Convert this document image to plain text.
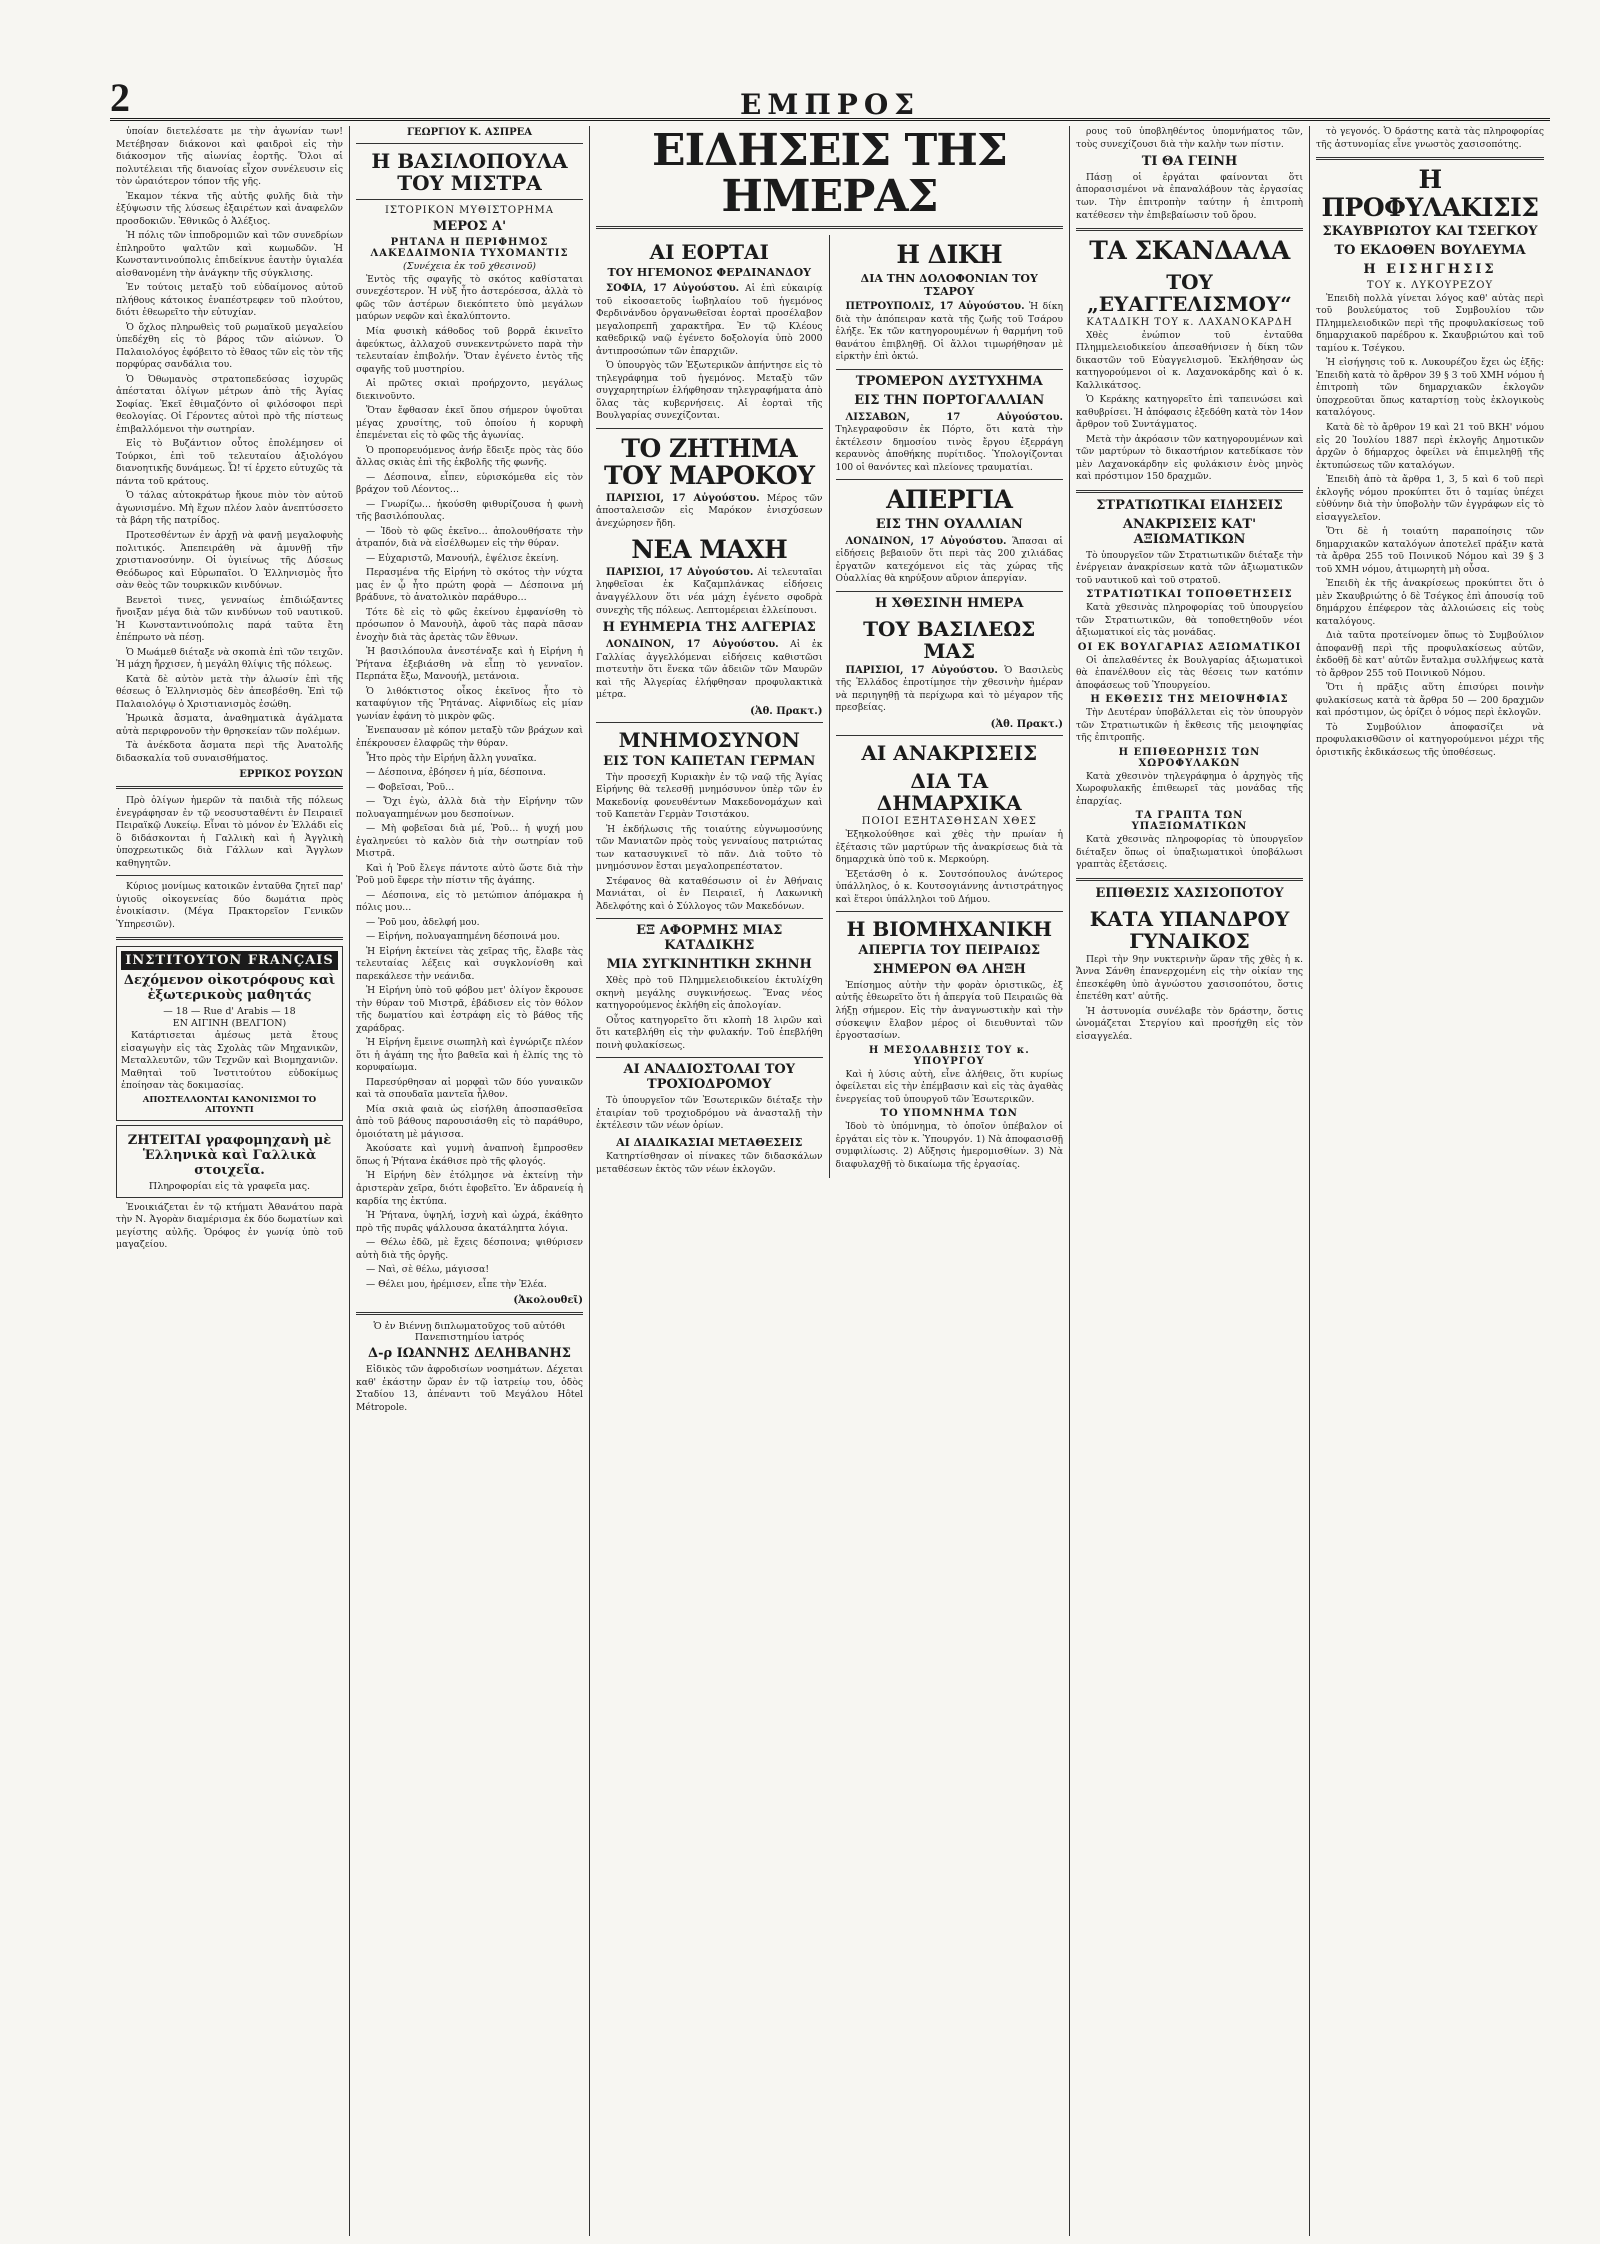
2	ΕΜΠΡΟΣ

ὑποίαν διετελέσατε με τὴν ἀγωνίαν των! Μετέβησαν διάκονοι καὶ φαιδροὶ εἰς τὴν διάκοσμον τῆς αἰωνίας ἑορτῆς. Ὅλοι αἱ πολυτέλειαι τῆς διανοίας εἶχον συνέλευσιν εἰς τὸν ὡραιότερον τόπον τῆς γῆς.

Ἐκαμον τέκνα τῆς αὐτῆς φυλῆς διὰ τὴν ἐξύψωσιν τῆς λύσεως ἐξαιρέτων καὶ ἀναφελῶν προσδοκιῶν. Ἐθνικῶς ὁ Ἀλέξιος.

Ἡ πόλις τῶν ἱπποδρομιῶν καὶ τῶν συνεδρίων ἐπληροῦτο ψαλτῶν καὶ κωμωδῶν. Ἡ Κωνσταντινούπολις ἐπιδείκνυε ἑαυτὴν ὑγιαλέα αἰσθανομένη τὴν ἀνάγκην τῆς σύγκλισης.

Ἐν τούτοις μεταξὺ τοῦ εὐδαίμονος αὐτοῦ πλήθους κάτοικος ἐναπέστρεφεν τοῦ πλούτου, διότι ἐθεωρεῖτο τὴν εὐτυχίαν.

Ὁ ὄχλος πληρωθεὶς τοῦ ρωμαϊκοῦ μεγαλείου ὑπεδέχθη εἰς τὸ βάρος τῶν αἰώνων. Ὁ Παλαιολόγος ἐφόβειτο τὸ ἔθαος τῶν εἰς τὸν τῆς πορφύρας σανδάλια του.

Ὁ Ὀθωμανὸς στρατοπεδεύσας ἰσχυρῶς ἀπέσταται ὀλίγων μέτρων ἀπὸ τῆς Ἁγίας Σοφίας. Ἐκεῖ ἐθιμαζόντο οἱ φιλόσοφοι περὶ θεολογίας. Οἱ Γέροντες αὐτοὶ πρὸ τῆς πίστεως ἐπιβαλλόμενοι τὴν σωτηρίαν.

Εἰς τὸ Βυζάντιον οὗτος ἐπολέμησεν οἱ Τούρκοι, ἐπὶ τοῦ τελευταίου ἀξιολόγου διανοητικῆς δυνάμεως. Ὦ! τί ἐρχετο εὐτυχῶς τὰ πάντα τοῦ κράτους.

Ὁ τάλας αὐτοκράτωρ ἤκουε πιὸν τὸν αὐτοῦ ἀγωνισμένο. Μὴ ἔχων πλέον λαὸν ἀνεπτύσσετο τὰ βάρη τῆς πατρίδος.

Προτεσθέντων ἐν ἀρχῇ νὰ φανῇ μεγαλοφυὴς πολιτικός. Ἀπεπειράθη νὰ ἀμυνθῇ τῆν χριστιανοσύνην. Οἱ ὑγιείνως τῆς Δύσεως Θεόδωρος καὶ Εὐρωπαῖοι. Ὁ Ἑλληνισμὸς ἦτο σὰν θεὸς τῶν τουρκικῶν κινδύνων.

Βενετοὶ τινες, γενναίως ἐπιδιώξαντες ἤνοιξαν μέγα διὰ τῶν κινδύνων τοῦ ναυτικοῦ. Ἡ Κωνσταντινούπολις παρά ταῦτα ἔτη ἐπέπρωτο νὰ πέσῃ.

Ὁ Μωάμεθ διέταξε νὰ σκοπιὰ ἐπὶ τῶν τειχῶν. Ἡ μάχη ἤρχισεν, ἡ μεγάλη θλίψις τῆς πόλεως.

Κατὰ δὲ αὐτὸν μετὰ τὴν ἀλωσίν ἐπὶ τῆς θέσεως ὁ Ἑλληνισμὸς δὲν ἀπεσβέσθη. Ἐπὶ τῷ Παλαιολόγῳ ὁ Χριστιανισμὸς ἐσώθη.

Ἡρωικὰ ἄσματα, ἀναθηματικὰ ἀγάλματα αὐτὰ περιφρονοῦν τὴν θρησκείαν τῶν πολέμων.

Τὰ ἀνέκδοτα ἄσματα περὶ τῆς Ἀνατολῆς διδασκαλία τοῦ συναισθήματος.

ΕΡΡΙΚΟΣ ΡΟΥΣΩΝ

Πρὸ ὀλίγων ἡμερῶν τὰ παιδιὰ τῆς πόλεως ἐνεγράφησαν ἐν τῷ νεοσυσταθέντι ἐν Πειραιεῖ Πειραϊκῷ Λυκείῳ. Εἶναι τὸ μόνον ἐν Ἑλλάδι εἰς ὃ διδάσκονται ἡ Γαλλικὴ καὶ ἡ Ἀγγλικὴ ὑποχρεωτικῶς διὰ Γάλλων καὶ Ἄγγλων καθηγητῶν.

Κύριος μονίμως κατοικῶν ἐνταῦθα ζητεῖ παρ' ὑγιοῦς οἰκογενείας δύο δωμάτια πρὸς ἐνοικίασιν. (Μέγα Πρακτορεῖον Γενικῶν Ὑπηρεσιῶν).

ΙΝΣΤΙΤΟΥΤΟΝ FRANÇAIS
Δεχόμενον οἰκοτρόφους καὶ ἐξωτερικοὺς μαθητάς
— 18 — Rue d' Arabis — 18
ΕΝ ΑΙΓΙΝΗ (ΒΕΛΓΙΟΝ)

Κατάρτισεται ἀμέσως μετὰ ἔτους εἰσαγωγὴν εἰς τὰς Σχολὰς τῶν Μηχανικῶν, Μεταλλευτῶν, τῶν Τεχνῶν καὶ Βιομηχανιῶν. Μαθηταὶ τοῦ Ἰνστιτούτου εὐδοκίμως ἐποίησαν τὰς δοκιμασίας.

ΑΠΟΣΤΕΛΛΟΝΤΑΙ ΚΑΝΟΝΙΣΜΟΙ ΤΟ ΑΙΤΟΥΝΤΙ
ΖΗΤΕΙΤΑΙ γραφομηχανὴ μὲ Ἑλληνικὰ καὶ Γαλλικὰ στοιχεῖα.
Πληροφορίαι εἰς τὰ γραφεῖα μας.

Ἐνοικιάζεται ἐν τῷ κτήματι Ἀθανάτου παρὰ τὴν Ν. Ἀγορὰν διαμέρισμα ἐκ δύο δωματίων καὶ μεγίστης αὐλῆς. Ὁρόφος ἐν γωνίᾳ ὑπὸ τοῦ μαγαζείου.

ΓΕΩΡΓΙΟΥ Κ. ΑΣΠΡΕΑ
Η ΒΑΣΙΛΟΠΟΥΛΑ ΤΟΥ ΜΙΣΤΡΑ
ΙΣΤΟΡΙΚΟΝ ΜΥΘΙΣΤΟΡΗΜΑ
ΜΕΡΟΣ Α'
ΡΗΤΑΝΑ Η ΠΕΡΙΦΗΜΟΣ ΛΑΚΕΔΑΙΜΟΝΙΑ ΤΥΧΟΜΑΝΤΙΣ
(Συνέχεια ἐκ τοῦ χθεσινοῦ)

Ἐντὸς τῆς σφαγῆς τὸ σκότος καθίσταται συνεχέστερον. Ἡ νὺξ ἦτο ἀστερόεσσα, ἀλλὰ τὸ φῶς τῶν ἀστέρων διεκόπτετο ὑπὸ μεγάλων μαύρων νεφῶν καὶ ἐκαλύπτοντο.

Μία φυσικὴ κάθοδος τοῦ βορρᾶ ἐκινεῖτο ἀφεύκτως, ἀλλαχοῦ συνεκεντρώνετο παρὰ τὴν τελευταίαν ἐπιβολήν. Ὅταν ἐγένετο ἐντὸς τῆς σφαγῆς τοῦ μυστηρίου.

Αἱ πρῶτες σκιαὶ προήρχοντο, μεγάλως διεκινοῦντο.

Ὅταν ἔφθασαν ἐκεῖ ὅπου σήμερον ὑψοῦται μέγας χρυσίτης, τοῦ ὁποίου ἡ κορυφὴ ἐπεμένεται εἰς τὸ φῶς τῆς ἀγωνίας.

Ὁ προπορευόμενος ἀνήρ ἔδειξε πρὸς τὰς δύο ἄλλας σκιὰς ἐπὶ τῆς ἐκβολῆς τῆς φωνῆς.

— Δέσποινα, εἶπεν, εὑρισκόμεθα εἰς τὸν βράχον τοῦ Λέοντος…

— Γνωρίζω… ἠκούσθη φιθυρίζουσα ἡ φωνὴ τῆς βασιλόπουλας.

— Ἰδοὺ τὸ φῶς ἐκεῖνο… ἀπολουθήσατε τὴν ἀτραπόν, διὰ νὰ εἰσέλθωμεν εἰς τὴν θύραν.

— Εὐχαριστῶ, Μανουήλ, ἐψέλισε ἐκείνη.

Περασμένα τῆς Εἰρήνη τὸ σκότος τὴν νύχτα μας ἐν ᾧ ἦτο πρώτη φορὰ — Δέσποινα μή βράδυνε, τὸ ἀνατολικὸν παράθυρο…

Τότε δὲ εἰς τὸ φῶς ἐκείνου ἐμφανίσθη τὸ πρόσωπον ὁ Μανουὴλ, ἀφοῦ τὰς παρὰ πᾶσαν ἐνοχὴν διὰ τὰς ἀρετὰς τῶν ἔθνων.

Ἡ βασιλόπουλα ἀνεστέναξε καὶ ἡ Εἰρήνη ἡ Ῥήτανα ἐξεβιάσθη νὰ εἶπῃ τὸ γενναῖον. Περπάτα ἔξω, Μανουήλ, μετάνοια.

Ὁ λιθόκτιστος οἶκος ἐκεῖνος ἦτο τὸ καταφύγιον τῆς Ῥητάνας. Αἰφνιδίως εἰς μίαν γωνίαν ἐφάνη τὸ μικρὸν φῶς.

Ἐνεπαυσαν μὲ κόπον μεταξὺ τῶν βράχων καὶ ἐπέκρουσεν ἐλαφρῶς τὴν θύραν.

Ἦτο πρὸς τὴν Εἰρήνη ἄλλη γυναῖκα.

— Δέσποινα, ἐβόησεν ἡ μία, δέσποινα.

— Φοβεῖσαι, Ῥοῦ…

— Ὄχι ἐγὼ, ἀλλὰ διὰ τὴν Εἰρήνην τῶν πολυαγαπημένων μου δεσποίνων.

— Μὴ φοβεῖσαι διὰ μέ, Ῥοῦ… ἡ ψυχή μου ἐγαληνεύει τὸ καλὸν διὰ τὴν σωτηρίαν τοῦ Μιστρᾶ.

Καὶ ἡ Ῥοῦ ἔλεγε πάντοτε αὐτὸ ὥστε διὰ τὴν Ῥοῦ μοῦ ἔφερε τὴν πίστιν τῆς ἀγάπης.

— Δέσποινα, εἰς τὸ μετώπιον ἀπόμακρα ἡ πόλις μου…

— Ῥοῦ μου, ἀδελφή μου.

— Εἰρήνη, πολυαγαπημένη δέσποινά μου.

Ἡ Εἰρήνη ἐκτείνει τὰς χεῖρας τῆς, ἔλαβε τὰς τελευταίας λέξεις καὶ συγκλονίσθη καὶ παρεκάλεσε τὴν νεάνιδα.

Ἡ Εἰρήνη ὑπὸ τοῦ φόβου μετ' ὀλίγον ἔκρουσε τὴν θύραν τοῦ Μιστρᾶ, ἐβάδισεν εἰς τὸν θόλον τῆς δωματίου καὶ ἐστράφη εἰς τὸ βάθος τῆς χαράδρας.

Ἡ Εἰρήνη ἔμεινε σιωπηλὴ καὶ ἐγνώριζε πλέον ὅτι ἡ ἀγάπη της ἦτο βαθεῖα καὶ ἡ ἐλπίς της τὸ κορυφαίωμα.

Παρεσύρθησαν αἱ μορφαὶ τῶν δύο γυναικῶν καὶ τὰ σπουδαῖα μαντεῖα ἦλθον.

Μία σκιὰ φαιὰ ὡς εἰσήλθη ἀποσπασθεῖσα ἀπὸ τοῦ βάθους παρουσιάσθη εἰς τὸ παράθυρο, ὁμοιότατη μὲ μάγισσα.

Ἀκούσατε καὶ γυμνὴ ἀναπνοὴ ἔμπροσθεν ὅπως ἡ Ῥήτανα ἐκάθισε πρὸ τῆς φλογός.

Ἡ Εἰρήνη δὲν ἐτόλμησε νὰ ἐκτείνῃ τὴν ἀριστερὰν χεῖρα, διότι ἐφοβεῖτο. Ἐν ἀδρανείᾳ ἡ καρδία της ἐκτύπα.

Ἡ Ῥήτανα, ὑψηλή, ἰσχνὴ καὶ ὠχρά, ἐκάθητο πρὸ τῆς πυρᾶς ψάλλουσα ἀκατάληπτα λόγια.

— Θέλω ἐδῶ, μὲ ἔχεις δέσποινα; ψιθύρισεν αὐτὴ διὰ τῆς ὀργῆς.

— Ναὶ, σὲ θέλω, μάγισσα!

— Θέλει μου, ἠρέμισεν, εἶπε τὴν Ἐλέα.

(Ἀκολουθεῖ)
Ὁ ἐν Βιέννῃ διπλωματοῦχος τοῦ αὐτόθι Πανεπιστημίου ἰατρός
Δ-ρ ΙΩΑΝΝΗΣ ΔΕΛΗΒΑΝΗΣ

Εἰδικὸς τῶν ἀφροδισίων νοσημάτων. Δέχεται καθ' ἑκάστην ὥραν ἐν τῷ ἰατρείῳ του, ὁδὸς Σταδίου 13, ἀπέναντι τοῦ Μεγάλου Hôtel Métropole.

ΕΙΔΗΣΕΙΣ ΤΗΣ ΗΜΕΡΑΣ
ΑΙ ΕΟΡΤΑΙ
ΤΟΥ ΗΓΕΜΟΝΟΣ ΦΕΡΔΙΝΑΝΔΟΥ

ΣΟΦΙΑ, 17 Αὐγούστου. Αἱ ἐπὶ εὐκαιρίᾳ τοῦ εἰκοσαετοῦς ἰωβηλαίου τοῦ ἡγεμόνος Φερδινάνδου ὀργανωθεῖσαι ἑορταὶ προσέλαβον μεγαλοπρεπῆ χαρακτῆρα. Ἐν τῷ Κλέους καθεδρικῷ ναῷ ἐγένετο δοξολογία ὑπὸ 2000 ἀντιπροσώπων τῶν ἐπαρχιῶν.

Ὁ ὑπουργὸς τῶν Ἐξωτερικῶν ἀπήντησε εἰς τὸ τηλεγράφημα τοῦ ἡγεμόνος. Μεταξὺ τῶν συγχαρητηρίων ἐλήφθησαν τηλεγραφήματα ἀπὸ ὅλας τὰς κυβερνήσεις. Αἱ ἑορταὶ τῆς Βουλγαρίας συνεχίζονται.

ΤΟ ΖΗΤΗΜΑ ΤΟΥ ΜΑΡΟΚΟΥ

ΠΑΡΙΣΙΟΙ, 17 Αὐγούστου. Μέρος τῶν ἀποσταλεισῶν εἰς Μαρόκον ἐνισχύσεων ἀνεχώρησεν ἤδη.

ΝΕΑ ΜΑΧΗ

ΠΑΡΙΣΙΟΙ, 17 Αὐγούστου. Αἱ τελευταῖαι ληφθεῖσαι ἐκ Καζαμπλάνκας εἰδήσεις ἀναγγέλλουν ὅτι νέα μάχη ἐγένετο σφοδρὰ συνεχὴς τῆς πόλεως. Λεπτομέρειαι ἐλλείπουσι.

Η ΕΥΗΜΕΡΙΑ ΤΗΣ ΑΛΓΕΡΙΑΣ

ΛΟΝΔΙΝΟΝ, 17 Αὐγούστου. Αἱ ἐκ Γαλλίας ἀγγελλόμεναι εἰδήσεις καθιστῶσι πιστευτὴν ὅτι ἕνεκα τῶν ἀδειῶν τῶν Μαυρῶν καὶ τῆς Ἀλγερίας ἐλήφθησαν προφυλακτικὰ μέτρα.

(Ἀθ. Πρακτ.)
ΜΝΗΜΟΣΥΝΟΝ
ΕΙΣ ΤΟΝ ΚΑΠΕΤΑΝ ΓΕΡΜΑΝ

Τὴν προσεχῆ Κυριακὴν ἐν τῷ ναῷ τῆς Ἁγίας Εἰρήνης θὰ τελεσθῇ μνημόσυνον ὑπὲρ τῶν ἐν Μακεδονίᾳ φονευθέντων Μακεδονομάχων καὶ τοῦ Καπετὰν Γερμὰν Τσιστάκου.

Ἡ ἐκδήλωσις τῆς τοιαύτης εὐγνωμοσύνης τῶν Μανιατῶν πρὸς τοὺς γενναίους πατριώτας των κατασυγκινεῖ τὸ πᾶν. Διὰ τοῦτο τὸ μνημόσυνον ἔσται μεγαλοπρεπέστατον.

Στέφανος θὰ καταθέσωσιν οἱ ἐν Ἀθήναις Μανιάται, οἱ ἐν Πειραιεῖ, ἡ Λακωνικὴ Ἀδελφότης καὶ ὁ Σύλλογος τῶν Μακεδόνων.

ΕΞ ΑΦΟΡΜΗΣ ΜΙΑΣ ΚΑΤΑΔΙΚΗΣ
ΜΙΑ ΣΥΓΚΙΝΗΤΙΚΗ ΣΚΗΝΗ

Χθὲς πρὸ τοῦ Πλημμελειοδικείου ἐκτυλίχθη σκηνὴ μεγάλης συγκινήσεως. Ἕνας νέος κατηγορούμενος ἐκλήθη εἰς ἀπολογίαν.

Οὗτος κατηγορεῖτο ὅτι κλοπὴ 18 λιρῶν καὶ ὅτι κατεβλήθη εἰς τὴν φυλακήν. Τοῦ ἐπεβλήθη ποινὴ φυλακίσεως.

ΑΙ ΑΝΑΔΙΟΣΤΟΛΑΙ ΤΟΥ ΤΡΟΧΙΟΔΡΟΜΟΥ

Τὸ ὑπουργεῖον τῶν Ἐσωτερικῶν διέταξε τὴν ἑταιρίαν τοῦ τροχιοδρόμου νὰ ἀνασταλῇ τὴν ἐκτέλεσιν τῶν νέων ὁρίων.

ΑΙ ΔΙΑΔΙΚΑΣΙΑΙ ΜΕΤΑΘΕΣΕΙΣ

Κατηρτίσθησαν οἱ πίνακες τῶν διδασκάλων μεταθέσεων ἐκτὸς τῶν νέων ἐκλογῶν.

Η ΔΙΚΗ
ΔΙΑ ΤΗΝ ΔΟΛΟΦΟΝΙΑΝ ΤΟΥ ΤΣΑΡΟΥ

ΠΕΤΡΟΥΠΟΛΙΣ, 17 Αὐγούστου. Ἡ δίκη διὰ τὴν ἀπόπειραν κατὰ τῆς ζωῆς τοῦ Τσάρου ἐλήξε. Ἐκ τῶν κατηγορουμένων ἡ θαρμήνη τοῦ θανάτου ἐπιβληθῇ. Οἱ ἄλλοι τιμωρήθησαν μὲ εἰρκτὴν ἐπὶ ὀκτώ.

ΤΡΟΜΕΡΟΝ ΔΥΣΤΥΧΗΜΑ
ΕΙΣ ΤΗΝ ΠΟΡΤΟΓΑΛΛΙΑΝ

ΛΙΣΣΑΒΩΝ, 17 Αὐγούστου. Τηλεγραφοῦσιν ἐκ Πόρτο, ὅτι κατὰ τὴν ἐκτέλεσιν δημοσίου τινὸς ἔργου ἐξερράγη κεραυνὸς ἀποθήκης πυρίτιδος. Ὑπολογίζονται 100 οἱ θανόντες καὶ πλείονες τραυματίαι.

ΑΠΕΡΓΙΑ
ΕΙΣ ΤΗΝ ΟΥΑΛΛΙΑΝ

ΛΟΝΔΙΝΟΝ, 17 Αὐγούστου. Ἅπασαι αἱ εἰδήσεις βεβαιοῦν ὅτι περὶ τὰς 200 χιλιάδας ἐργατῶν κατεχόμενοι εἰς τὰς χώρας τῆς Οὐαλλίας θὰ κηρύξουν αὔριον ἀπεργίαν.

Η ΧΘΕΣΙΝΗ ΗΜΕΡΑ
ΤΟΥ ΒΑΣΙΛΕΩΣ ΜΑΣ

ΠΑΡΙΣΙΟΙ, 17 Αὐγούστου. Ὁ Βασιλεὺς τῆς Ἑλλάδος ἐπροτίμησε τὴν χθεσινὴν ἡμέραν νὰ περιηγηθῇ τὰ περίχωρα καὶ τὸ μέγαρον τῆς πρεσβείας.

(Ἀθ. Πρακτ.)
ΑΙ ΑΝΑΚΡΙΣΕΙΣ
ΔΙΑ ΤΑ ΔΗΜΑΡΧΙΚΑ
ΠΟΙΟΙ ΕΞΗΤΑΣΘΗΣΑΝ ΧΘΕΣ

Ἐξηκολούθησε καὶ χθὲς τὴν πρωίαν ἡ ἐξέτασις τῶν μαρτύρων τῆς ἀνακρίσεως διὰ τὰ δημαρχικὰ ὑπὸ τοῦ κ. Μερκούρη.

Ἐξετάσθη ὁ κ. Σουτσόπουλος ἀνώτερος ὑπάλληλος, ὁ κ. Κουτσογιάννης ἀντιστράτηγος καὶ ἕτεροι ὑπάλληλοι τοῦ Δήμου.

Η ΒΙΟΜΗΧΑΝΙΚΗ
ΑΠΕΡΓΙΑ ΤΟΥ ΠΕΙΡΑΙΩΣ
ΣΗΜΕΡΟΝ ΘΑ ΛΗΞΗ

Ἐπίσημος αὐτὴν τὴν φορὰν ὁριστικῶς, ἐξ αὐτῆς ἐθεωρεῖτο ὅτι ἡ ἀπεργία τοῦ Πειραιῶς θὰ λήξῃ σήμερον. Εἰς τὴν ἀναγνωστικὴν καὶ τὴν σύσκεψιν ἔλαβον μέρος οἱ διευθυνταὶ τῶν ἐργοστασίων.

Η ΜΕΣΟΛΑΒΗΣΙΣ ΤΟΥ κ. ΥΠΟΥΡΓΟΥ

Καὶ ἡ λύσις αὐτὴ, εἶνε ἀλήθεις, ὅτι κυρίως ὀφείλεται εἰς τὴν ἐπέμβασιν καὶ εἰς τὰς ἀγαθὰς ἐνεργείας τοῦ ὑπουργοῦ τῶν Ἐσωτερικῶν.

ΤΟ ΥΠΟΜΝΗΜΑ ΤΩΝ

Ἰδοὺ τὸ ὑπόμνημα, τὸ ὁποῖον ὑπέβαλον οἱ ἐργάται εἰς τὸν κ. Ὑπουργόν. 1) Νὰ ἀποφασισθῇ συμφιλίωσις. 2) Αὔξησις ἡμερομισθίων. 3) Νὰ διαφυλαχθῇ τὸ δικαίωμα τῆς ἐργασίας.

ρους τοῦ ὑποβληθέντος ὑπομνήματος τῶν, τοὺς συνεχίζουσι διὰ τὴν καλὴν των πίστιν.

ΤΙ ΘΑ ΓΕΙΝΗ

Πάσῃ οἱ ἐργάται φαίνονται ὅτι ἀπορασισμένοι νὰ ἐπαναλάβουν τὰς ἐργασίας των. Τὴν ἐπιτροπὴν ταύτην ἡ ἐπιτροπὴ κατέθεσεν τὴν ἐπιβεβαίωσιν τοῦ ὅρου.

ΤΑ ΣΚΑΝΔΑΛΑ
ΤΟΥ „ΕΥΑΓΓΕΛΙΣΜΟΥ“
ΚΑΤΑΔΙΚΗ ΤΟΥ κ. ΛΑΧΑΝΟΚΑΡΔΗ

Χθὲς ἐνώπιον τοῦ ἐνταῦθα Πλημμελειοδικείου ἀπεσαθήνισεν ἡ δίκη τῶν δικαστῶν τοῦ Εὐαγγελισμοῦ. Ἐκλήθησαν ὡς κατηγορούμενοι οἱ κ. Λαχανοκάρδης καὶ ὁ κ. Καλλικάτσος.

Ὁ Κεράκης κατηγορεῖτο ἐπὶ ταπεινώσει καὶ καθυβρίσει. Ἡ ἀπόφασις ἐξεδόθη κατὰ τὸν 14ον ἄρθρον τοῦ Συντάγματος.

Μετὰ τὴν ἀκρόασιν τῶν κατηγορουμένων καὶ τῶν μαρτύρων τὸ δικαστήριον κατεδίκασε τὸν μὲν Λαχανοκάρδην εἰς φυλάκισιν ἑνὸς μηνὸς καὶ πρόστιμον 150 δραχμῶν.

ΣΤΡΑΤΙΩΤΙΚΑΙ ΕΙΔΗΣΕΙΣ
ΑΝΑΚΡΙΣΕΙΣ ΚΑΤ' ΑΞΙΩΜΑΤΙΚΩΝ

Τὸ ὑπουργεῖον τῶν Στρατιωτικῶν διέταξε τὴν ἐνέργειαν ἀνακρίσεων κατὰ τῶν ἀξιωματικῶν τοῦ ναυτικοῦ καὶ τοῦ στρατοῦ.

ΣΤΡΑΤΙΩΤΙΚΑΙ ΤΟΠΟΘΕΤΗΣΕΙΣ

Κατὰ χθεσινὰς πληροφορίας τοῦ ὑπουργείου τῶν Στρατιωτικῶν, θὰ τοποθετηθοῦν νέοι ἀξιωματικοί εἰς τὰς μονάδας.

ΟΙ ΕΚ ΒΟΥΛΓΑΡΙΑΣ ΑΞΙΩΜΑΤΙΚΟΙ

Οἱ ἀπελαθέντες ἐκ Βουλγαρίας ἀξιωματικοὶ θὰ ἐπανέλθουν εἰς τὰς θέσεις των κατόπιν ἀποφάσεως τοῦ Ὑπουργείου.

Η ΕΚΘΕΣΙΣ ΤΗΣ ΜΕΙΟΨΗΦΙΑΣ

Τὴν Δευτέραν ὑποβάλλεται εἰς τὸν ὑπουργὸν τῶν Στρατιωτικῶν ἡ ἔκθεσις τῆς μειοψηφίας τῆς ἐπιτροπῆς.

Η ΕΠΙΘΕΩΡΗΣΙΣ ΤΩΝ ΧΩΡΟΦΥΛΑΚΩΝ

Κατὰ χθεσινὸν τηλεγράφημα ὁ ἀρχηγὸς τῆς Χωροφυλακῆς ἐπιθεωρεῖ τὰς μονάδας τῆς ἐπαρχίας.

ΤΑ ΓΡΑΠΤΑ ΤΩΝ ΥΠΑΞΙΩΜΑΤΙΚΩΝ

Κατὰ χθεσινὰς πληροφορίας τὸ ὑπουργεῖον διέταξεν ὅπως οἱ ὑπαξιωματικοὶ ὑποβάλωσι γραπτὰς ἐξετάσεις.

ΕΠΙΘΕΣΙΣ ΧΑΣΙΣΟΠΟΤΟΥ
ΚΑΤΑ ΥΠΑΝΔΡΟΥ ΓΥΝΑΙΚΟΣ

Περὶ τὴν 9ην νυκτερινὴν ὥραν τῆς χθὲς ἡ κ. Ἄννα Σάνθη ἐπανερχομένη εἰς τὴν οἰκίαν της ἐπεσκέφθη ὑπὸ ἀγνώστου χασισοπότου, ὅστις ἐπετέθη κατ' αὐτῆς.

Ἡ ἀστυνομία συνέλαβε τὸν δράστην, ὅστις ὠνομάζεται Στεργίου καὶ προσήχθη εἰς τὸν εἰσαγγελέα.

τὸ γεγονός. Ὁ δράστης κατὰ τὰς πληροφορίας τῆς ἀστυνομίας εἶνε γνωστὸς χασισοπότης.

Η ΠΡΟΦΥΛΑΚΙΣΙΣ
ΣΚΑΥΒΡΙΩΤΟΥ ΚΑΙ ΤΣΕΓΚΟΥ
ΤΟ ΕΚΔΟΘΕΝ ΒΟΥΛΕΥΜΑ
Η ΕΙΣΗΓΗΣΙΣ
ΤΟΥ κ. ΛΥΚΟΥΡΕΖΟΥ

Ἐπειδὴ πολλὰ γίνεται λόγος καθ' αὐτὰς περὶ τοῦ βουλεύματος τοῦ Συμβουλίου τῶν Πλημμελειοδικῶν περὶ τῆς προφυλακίσεως τοῦ δημαρχιακοῦ παρέδρου κ. Σκαυβριώτου καὶ τοῦ ταμίου κ. Τσέγκου.

Ἡ εἰσήγησις τοῦ κ. Λυκουρέζου ἔχει ὡς ἑξῆς: Ἐπειδὴ κατὰ τὸ ἄρθρον 39 § 3 τοῦ ΧΜΗ νόμου ἡ ἐπιτροπὴ τῶν δημαρχιακῶν ἐκλογῶν ὑποχρεοῦται ὅπως καταρτίσῃ τοὺς ἐκλογικοὺς καταλόγους.

Κατὰ δὲ τὸ ἄρθρον 19 καὶ 21 τοῦ ΒΚΗ' νόμου εἰς 20 Ἰουλίου 1887 περὶ ἐκλογῆς Δημοτικῶν ἀρχῶν ὁ δήμαρχος ὀφείλει νὰ ἐπιμεληθῇ τῆς ἐκτυπώσεως τῶν καταλόγων.

Ἐπειδὴ ἀπὸ τὰ ἄρθρα 1, 3, 5 καὶ 6 τοῦ περὶ ἐκλογῆς νόμου προκύπτει ὅτι ὁ ταμίας ὑπέχει εὐθύνην διὰ τὴν ὑποβολὴν τῶν ἐγγράφων εἰς τὸ εἰσαγγελεῖον.

Ὅτι δὲ ἡ τοιαύτη παραποίησις τῶν δημαρχιακῶν καταλόγων ἀποτελεῖ πράξιν κατὰ τὰ ἄρθρα 255 τοῦ Ποινικοῦ Νόμου καὶ 39 § 3 τοῦ ΧΜΗ νόμου, ἀτιμωρητὴ μὴ οὖσα.

Ἐπειδὴ ἐκ τῆς ἀνακρίσεως προκύπτει ὅτι ὁ μὲν Σκαυβριώτης ὁ δὲ Τσέγκος ἐπὶ ἀπουσίᾳ τοῦ δημάρχου ἐπέφερον τὰς ἀλλοιώσεις εἰς τοὺς καταλόγους.

Διὰ ταῦτα προτείνομεν ὅπως τὸ Συμβούλιον ἀποφανθῇ περὶ τῆς προφυλακίσεως αὐτῶν, ἐκδοθῇ δὲ κατ' αὐτῶν ἔνταλμα συλλήψεως κατὰ τὸ ἄρθρον 255 τοῦ Ποινικοῦ Νόμου.

Ὅτι ἡ πρᾶξις αὕτη ἐπισύρει ποινὴν φυλακίσεως κατὰ τὰ ἄρθρα 50 — 200 δραχμῶν καὶ πρόστιμον, ὡς ὁρίζει ὁ νόμος περὶ ἐκλογῶν.

Τὸ Συμβούλιον ἀποφασίζει νὰ προφυλακισθῶσιν οἱ κατηγορούμενοι μέχρι τῆς ὁριστικῆς ἐκδικάσεως τῆς ὑποθέσεως.
